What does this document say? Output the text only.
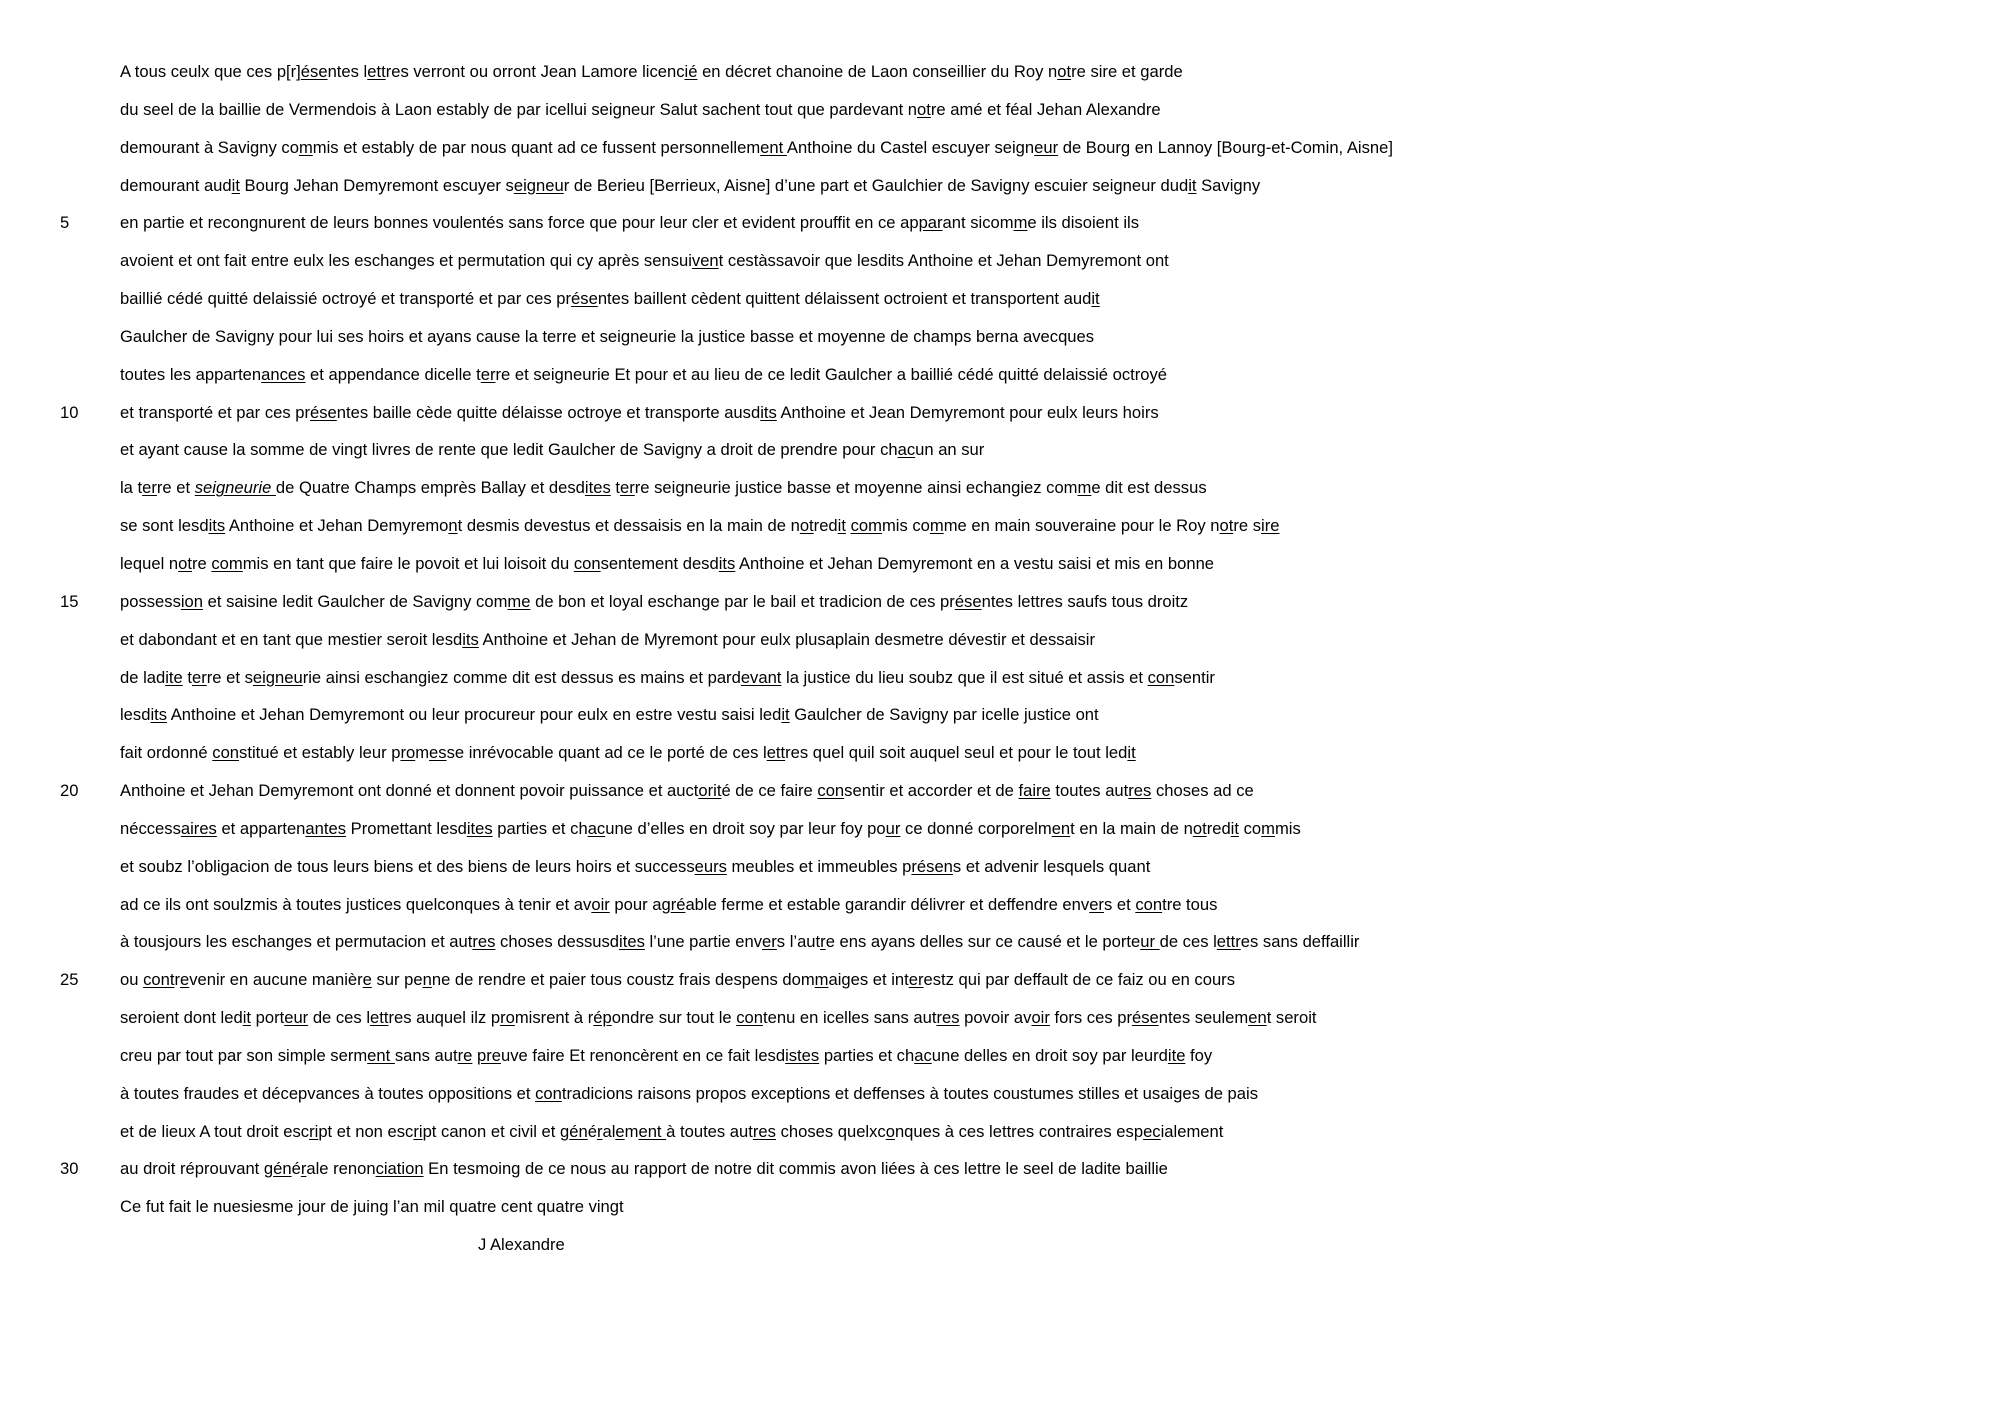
A tous ceulx que ces p[r]ésentes lettres verront ou orront Jean Lamore licencié en décret chanoine de Laon conseillier du Roy notre sire et garde
du seel de la baillie de Vermendois à Laon estably de par icellui seigneur Salut sachent tout que pardevant notre amé et féal Jehan Alexandre
demourant à Savigny commis et estably de par nous quant ad ce fussent personnellement Anthoine du Castel escuyer seigneur de Bourg en Lannoy [Bourg-et-Comin, Aisne]
demourant audit Bourg Jehan Demyremont escuyer seigneur de Berieu [Berrieux, Aisne] d’une part et Gaulchier de Savigny escuier seigneur dudit Savigny
5	en partie et recongnurent de leurs bonnes voulentés sans force que pour leur cler et evident prouffit en ce apparant sicomme ils disoient ils
avoient et ont fait entre eulx les eschanges et permutation qui cy après sensuivent cestàssavoir que lesdits Anthoine et Jehan Demyremont ont
baillié cédé quitté delaissié octroyé et transporté et par ces présentes baillent cèdent quittent délaissent octroient et transportent audit
Gaulcher de Savigny pour lui ses hoirs et ayans cause la terre et seigneurie la justice basse et moyenne de champs berna avecques
toutes les appartenances et appendance dicelle terre et seigneurie Et pour et au lieu de ce ledit Gaulcher a baillié cédé quitté delaissié octroyé
10	et transporté et par ces présentes baille cède quitte délaisse octroye et transporte ausdits Anthoine et Jean Demyremont pour eulx leurs hoirs
et ayant cause la somme de vingt livres de rente que ledit Gaulcher de Savigny a droit de prendre pour chacun an sur
la terre et seigneurie de Quatre Champs emprès Ballay et desdites terre seigneurie justice basse et moyenne ainsi echangiez comme dit est dessus
se sont lesdits Anthoine et Jehan Demyremont desmis devestus et dessaisis en la main de notredit commis comme en main souveraine pour le Roy notre sire
lequel notre commis en tant que faire le povoit et lui loisoit du consentement desdits Anthoine et Jehan Demyremont en a vestu saisi et mis en bonne
15	possession et saisine ledit Gaulcher de Savigny comme de bon et loyal eschange par le bail et tradicion de ces présentes lettres saufs tous droitz
et dabondant et en tant que mestier seroit lesdits Anthoine et Jehan de Myremont pour eulx plusaplain desmetre dévestir et dessaisir
de ladite terre et seigneurie ainsi eschangiez comme dit est dessus es mains et pardevant la justice du lieu soubz que il est situé et assis et consentir
lesdits Anthoine et Jehan Demyremont ou leur procureur pour eulx en estre vestu saisi ledit Gaulcher de Savigny par icelle justice ont
fait ordonné constitué et estably leur promesse inrévocable quant ad ce le porté de ces lettres quel quil soit auquel seul et pour le tout ledit
20	Anthoine et Jehan Demyremont ont donné et donnent povoir puissance et auctorité de ce faire consentir et accorder et de faire toutes autres choses ad ce
néccessaires et appartenantes Promettant lesdites parties et chacune d’elles en droit soy par leur foy pour ce donné corporelment en la main de notredit commis
et soubz l’obligacion de tous leurs biens et des biens de leurs hoirs et successeurs meubles et immeubles présens et advenir lesquels quant
ad ce ils ont soulzmis à toutes justices quelconques à tenir et avoir pour agréable ferme et estable garandir délivrer et deffendre envers et contre tous
à tousjours les eschanges et permutacion et autres choses dessusdites l’une partie envers l’autre ens ayans delles sur ce causé et le porteur de ces lettres sans deffaillir
25	ou contrevenir en aucune manière sur penne de rendre et paier tous coustz frais despens dommaiges et interestz qui par deffault de ce faiz ou en cours
seroient dont ledit porteur de ces lettres auquel ilz promisrent à répondre sur tout le contenu en icelles sans autres povoir avoir fors ces présentes seulement seroit
creu par tout par son simple serment sans autre preuve faire Et renoncèrent en ce fait lesdistes parties et chacune delles en droit soy par leurdite foy
à toutes fraudes et décepvances à toutes oppositions et contradicions raisons propos exceptions et deffenses à toutes coustumes stilles et usaiges de pais
et de lieux A tout droit escript et non escript canon et civil et généralement à toutes autres choses quelxconques à ces lettres contraires especialement
30	au droit réprouvant générale renonciation En tesmoing de ce nous au rapport de notre dit commis avon liées à ces lettre le seel de ladite baillie
Ce fut fait le nuesiesme jour de juing l’an mil quatre cent quatre vingt
J Alexandre
